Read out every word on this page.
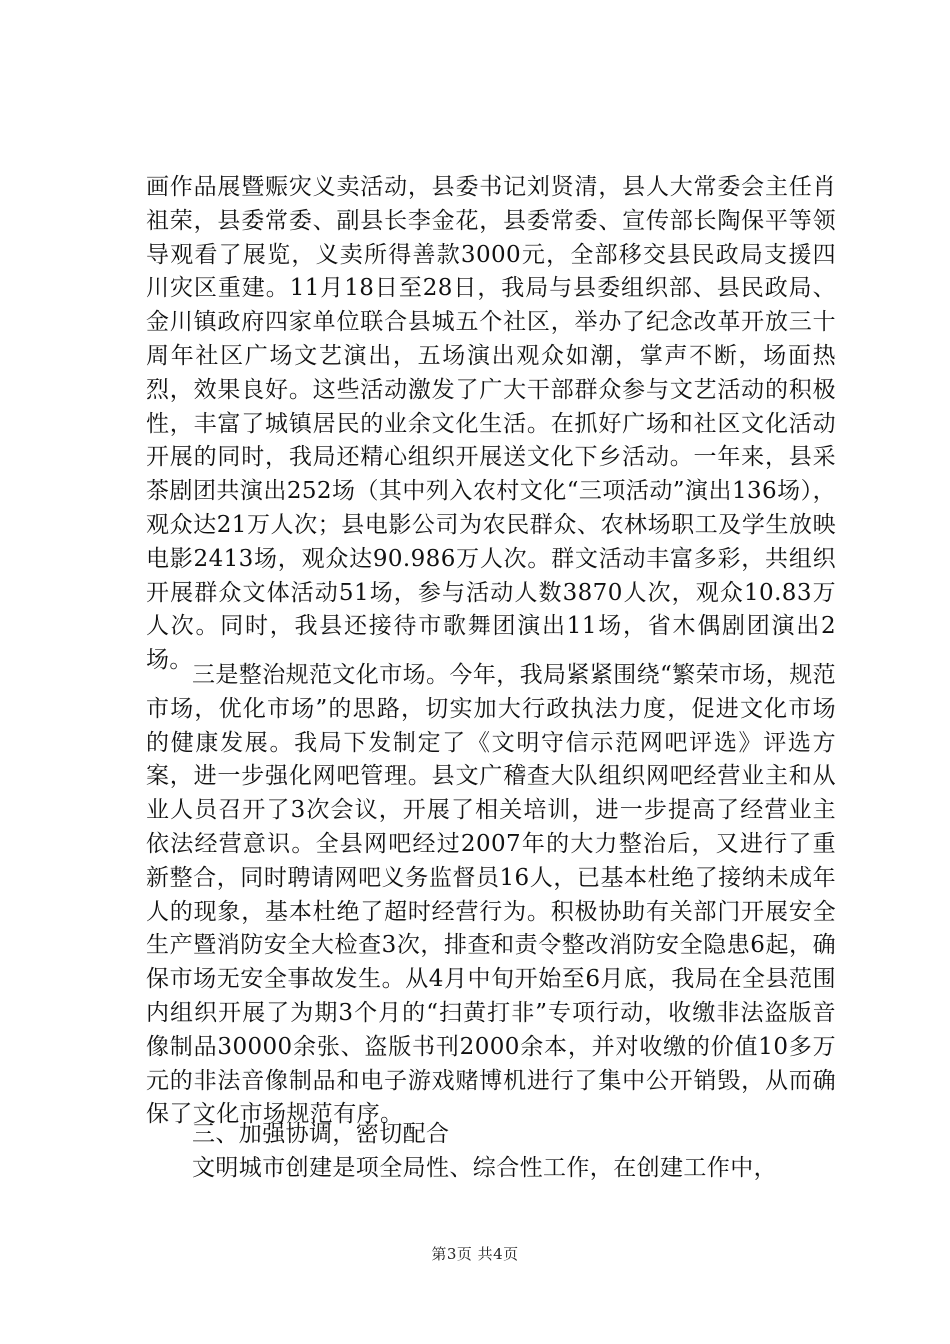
画作品展暨赈灾义卖活动，县委书记刘贤清，县人大常委会主任肖祖荣，县委常委、副县长李金花，县委常委、宣传部长陶保平等领导观看了展览，义卖所得善款3000元，全部移交县民政局支援四川灾区重建。11月18日至28日，我局与县委组织部、县民政局、金川镇政府四家单位联合县城五个社区，举办了纪念改革开放三十周年社区广场文艺演出，五场演出观众如潮，掌声不断，场面热烈，效果良好。这些活动激发了广大干部群众参与文艺活动的积极性，丰富了城镇居民的业余文化生活。在抓好广场和社区文化活动开展的同时，我局还精心组织开展送文化下乡活动。一年来，县采茶剧团共演出252场（其中列入农村文化“三项活动”演出136场），观众达21万人次；县电影公司为农民群众、农林场职工及学生放映电影2413场，观众达90.986万人次。群文活动丰富多彩，共组织开展群众文体活动51场，参与活动人数3870人次，观众10.83万人次。同时，我县还接待市歌舞团演出11场，省木偶剧团演出2场。

三是整治规范文化市场。今年，我局紧紧围绕“繁荣市场，规范市场，优化市场”的思路，切实加大行政执法力度，促进文化市场的健康发展。我局下发制定了《文明守信示范网吧评选》评选方案，进一步强化网吧管理。县文广稽查大队组织网吧经营业主和从业人员召开了3次会议，开展了相关培训，进一步提高了经营业主依法经营意识。全县网吧经过2007年的大力整治后，又进行了重新整合，同时聘请网吧义务监督员16人，已基本杜绝了接纳未成年人的现象，基本杜绝了超时经营行为。积极协助有关部门开展安全生产暨消防安全大检查3次，排查和责令整改消防安全隐患6起，确保市场无安全事故发生。从4月中旬开始至6月底，我局在全县范围内组织开展了为期3个月的“扫黄打非”专项行动，收缴非法盗版音像制品30000余张、盗版书刊2000余本，并对收缴的价值10多万元的非法音像制品和电子游戏赌博机进行了集中公开销毁，从而确保了文化市场规范有序。

三、加强协调，密切配合

文明城市创建是项全局性、综合性工作，在创建工作中，

第3页 共4页
